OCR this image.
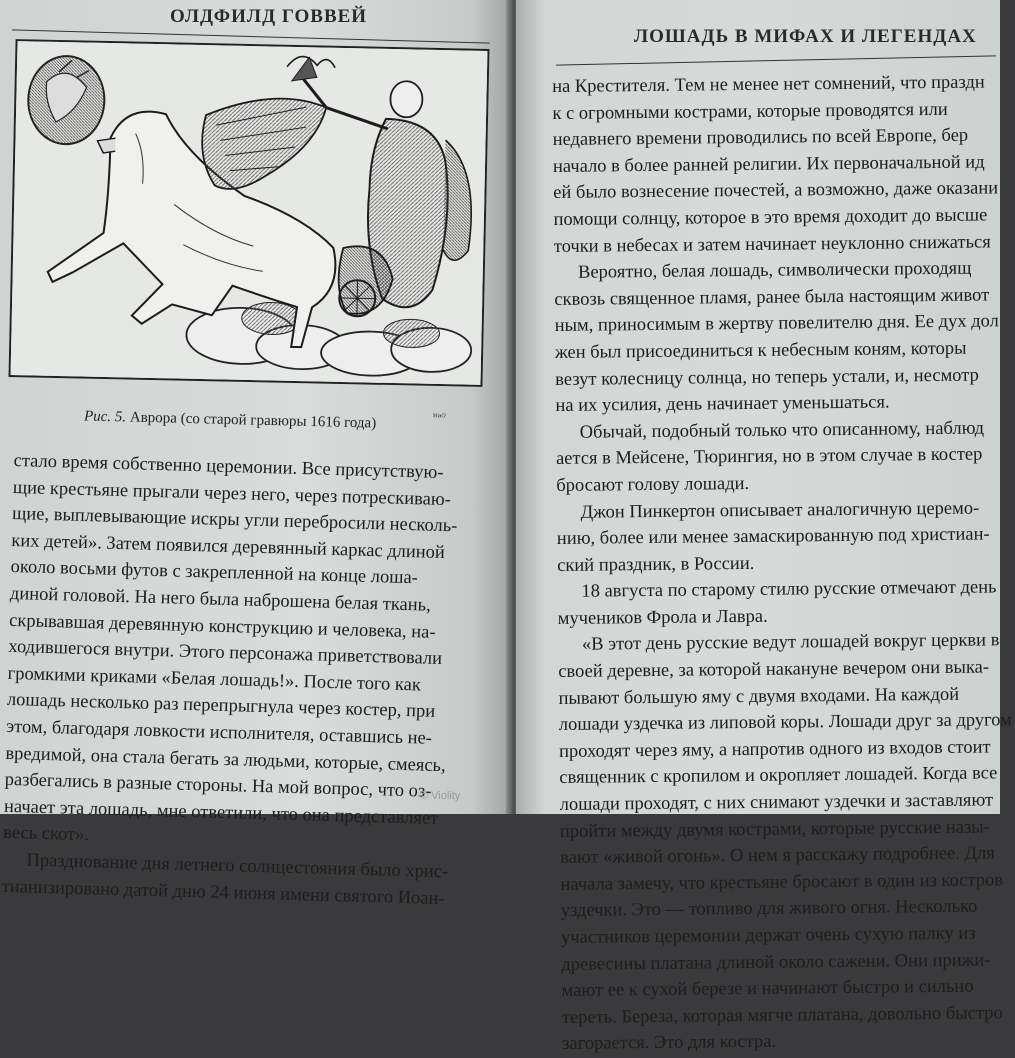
ОЛДФИЛД ГОВВЕЙ
Рис. 5. Аврора (со старой гравюры 1616 года)	ᴹⁿᴼ
стало время собственно церемонии. Все присутствую-
щие крестьяне прыгали через него, через потрескиваю-
щие, выплевывающие искры угли перебросили несколь-
ких детей». Затем появился деревянный каркас длиной
около восьми футов с закрепленной на конце лоша-
диной головой. На него была наброшена белая ткань,
скрывавшая деревянную конструкцию и человека, на-
ходившегося внутри. Этого персонажа приветствовали
громкими криками «Белая лошадь!». После того как
лошадь несколько раз перепрыгнула через костер, при
этом, благодаря ловкости исполнителя, оставшись не-
вредимой, она стала бегать за людьми, которые, смеясь,
разбегались в разные стороны. На мой вопрос, что оз-
начает эта лошадь, мне ответили, что она представляет
весь скот».
Празднование дня летнего солнцестояния было хрис-
тианизировано датой дню 24 июня имени святого Иоан-
ЛОШАДЬ В МИФАХ И ЛЕГЕНДАХ
на Крестителя. Тем не менее нет сомнений, что праздн
к с огромными кострами, которые проводятся или
недавнего времени проводились по всей Европе, бер
начало в более ранней религии. Их первоначальной ид
ей было вознесение почестей, а возможно, даже оказани
помощи солнцу, которое в это время доходит до высше
точки в небесах и затем начинает неуклонно снижаться
Вероятно, белая лошадь, символически проходящ
сквозь священное пламя, ранее была настоящим живот
ным, приносимым в жертву повелителю дня. Ее дух дол
жен был присоединиться к небесным коням, которы
везут колесницу солнца, но теперь устали, и, несмотр
на их усилия, день начинает уменьшаться.
Обычай, подобный только что описанному, наблюд
ается в Мейсене, Тюрингия, но в этом случае в костер
бросают голову лошади.
Джон Пинкертон описывает аналогичную церемо-
нию, более или менее замаскированную под христиан-
ский праздник, в России.
18 августа по старому стилю русские отмечают день
мучеников Фрола и Лавра.
«В этот день русские ведут лошадей вокруг церкви в
своей деревне, за которой накануне вечером они выка-
пывают большую яму с двумя входами. На каждой
лошади уздечка из липовой коры. Лошади друг за другом
проходят через яму, а напротив одного из входов стоит
священник с кропилом и окропляет лошадей. Когда все
лошади проходят, с них снимают уздечки и заставляют
пройти между двумя кострами, которые русские назы-
вают «живой огонь». О нем я расскажу подробнее. Для
начала замечу, что крестьяне бросают в один из костров
уздечки. Это — топливо для живого огня. Несколько
участников церемонии держат очень сухую палку из
древесины платана длиной около сажени. Они прижи-
мают ее к сухой березе и начинают быстро и сильно
тереть. Береза, которая мягче платана, довольно быстро
загорается. Это для костра.
© Violity
